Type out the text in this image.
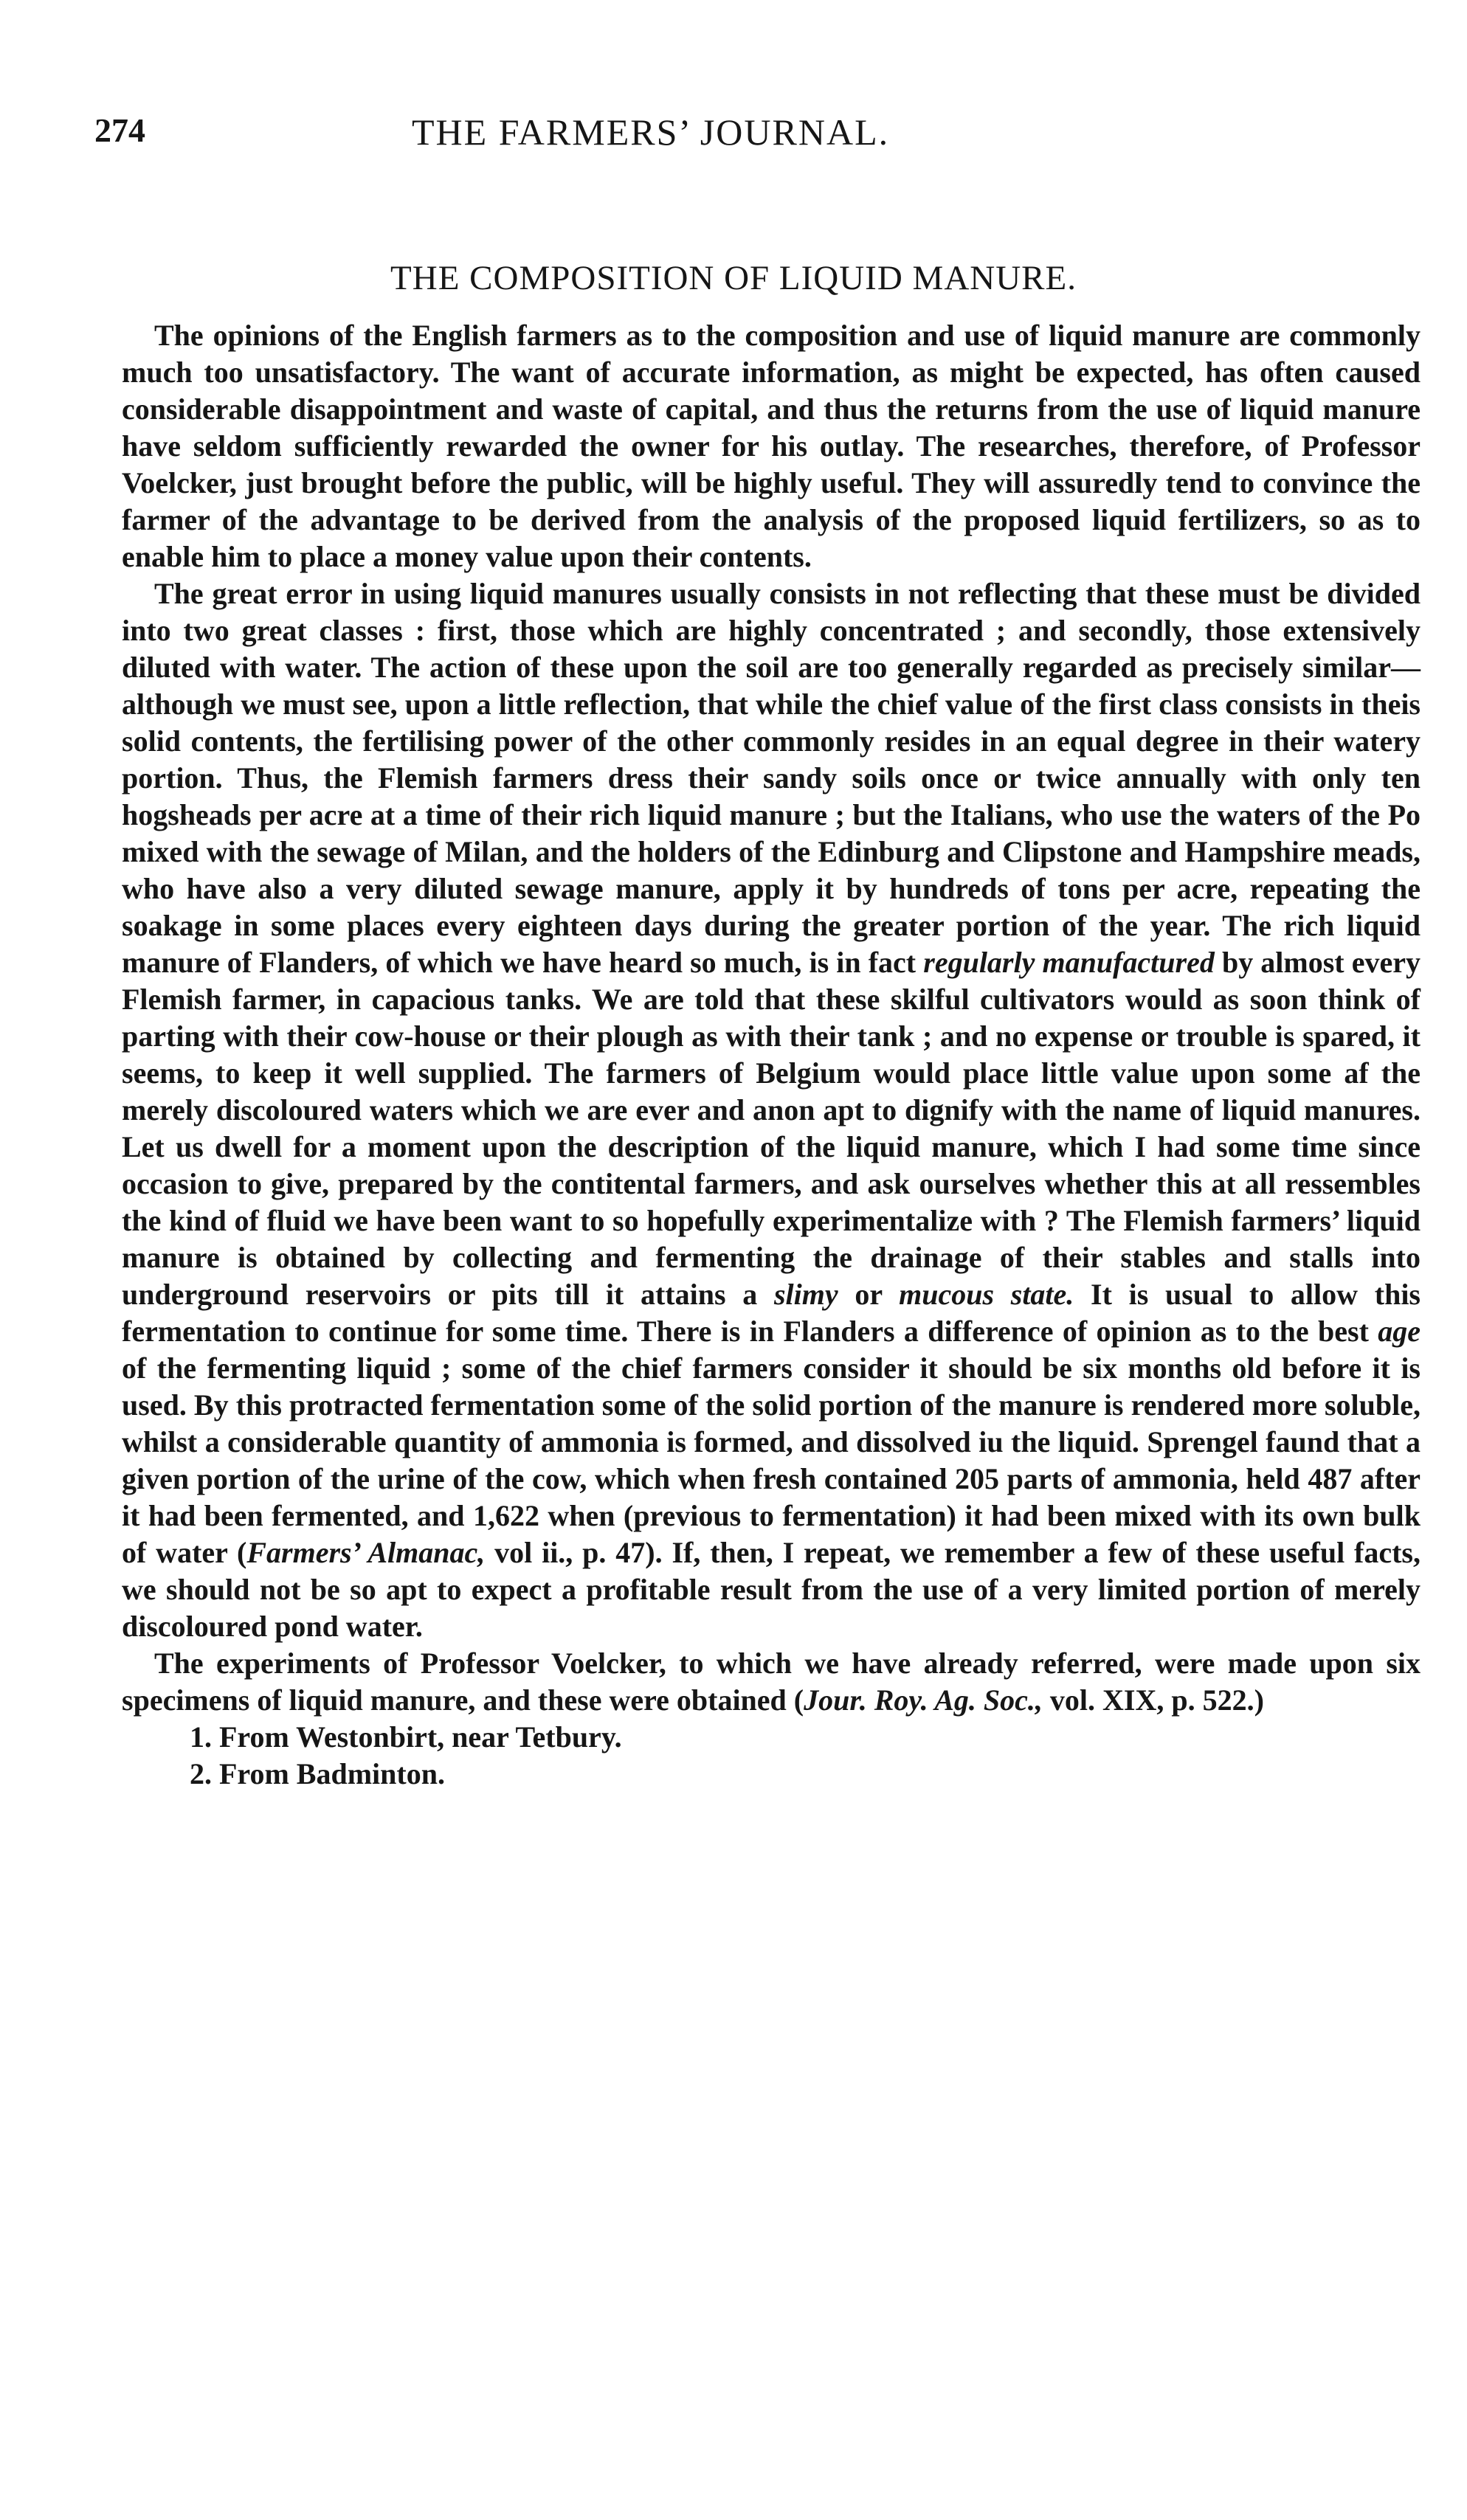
274	THE FARMERS’ JOURNAL.
THE COMPOSITION OF LIQUID MANURE.

The opinions of the English farmers as to the composition and use of liquid manure are commonly much too unsatisfactory. The want of accurate information, as might be expected, has often caused considerable disappointment and waste of capital, and thus the returns from the use of liquid manure have seldom sufficiently rewarded the owner for his outlay. The researches, therefore, of Professor Voelcker, just brought before the public, will be highly useful. They will assuredly tend to convince the farmer of the advantage to be derived from the analysis of the proposed liquid fertilizers, so as to enable him to place a money value upon their contents.

The great error in using liquid manures usually consists in not reflecting that these must be divided into two great classes : first, those which are highly concentrated ; and secondly, those extensively diluted with water. The action of these upon the soil are too generally regarded as precisely similar—although we must see, upon a little reflection, that while the chief value of the first class consists in theis solid contents, the fertilising power of the other commonly resides in an equal degree in their watery portion. Thus, the Flemish farmers dress their sandy soils once or twice annually with only ten hogsheads per acre at a time of their rich liquid manure ; but the Italians, who use the waters of the Po mixed with the sewage of Milan, and the holders of the Edinburg and Clipstone and Hampshire meads, who have also a very diluted sewage manure, apply it by hundreds of tons per acre, repeating the soakage in some places every eighteen days during the greater portion of the year. The rich liquid manure of Flanders, of which we have heard so much, is in fact regularly manufactured by almost every Flemish farmer, in capacious tanks. We are told that these skilful cultivators would as soon think of parting with their cow-house or their plough as with their tank ; and no expense or trouble is spared, it seems, to keep it well supplied. The farmers of Belgium would place little value upon some af the merely discoloured waters which we are ever and anon apt to dignify with the name of liquid manures. Let us dwell for a moment upon the description of the liquid manure, which I had some time since occasion to give, prepared by the contitental farmers, and ask ourselves whether this at all ressembles the kind of fluid we have been want to so hopefully experimentalize with ? The Flemish farmers’ liquid manure is obtained by collecting and fermenting the drainage of their stables and stalls into underground reservoirs or pits till it attains a slimy or mucous state. It is usual to allow this fermentation to continue for some time. There is in Flanders a difference of opinion as to the best age of the fermenting liquid ; some of the chief farmers consider it should be six months old before it is used. By this protracted fermentation some of the solid portion of the manure is rendered more soluble, whilst a considerable quantity of ammonia is formed, and dissolved iu the liquid. Sprengel faund that a given portion of the urine of the cow, which when fresh contained 205 parts of ammonia, held 487 after it had been fermented, and 1,622 when (previous to fermentation) it had been mixed with its own bulk of water (Farmers’ Almanac, vol ii., p. 47). If, then, I repeat, we remember a few of these useful facts, we should not be so apt to expect a profitable result from the use of a very limited portion of merely discoloured pond water.

The experiments of Professor Voelcker, to which we have already referred, were made upon six specimens of liquid manure, and these were obtained (Jour. Roy. Ag. Soc., vol. XIX, p. 522.)

1. From Westonbirt, near Tetbury.
2. From Badminton.
